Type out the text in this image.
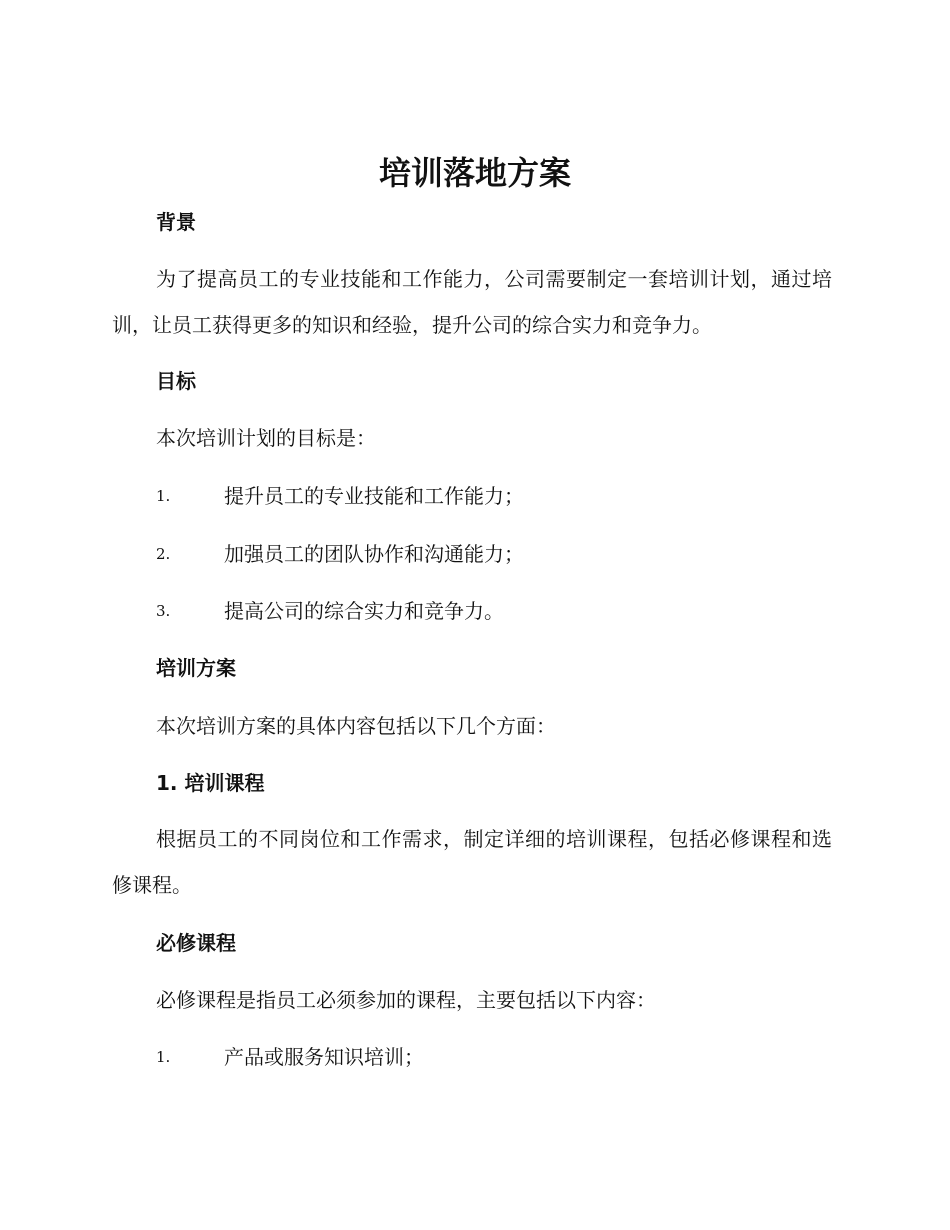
培训落地方案
背景

为了提高员工的专业技能和工作能力，公司需要制定一套培训计划，通过培训，让员工获得更多的知识和经验，提升公司的综合实力和竞争力。

目标
本次培训计划的目标是：
1.	提升员工的专业技能和工作能力；
2.	加强员工的团队协作和沟通能力；
3.	提高公司的综合实力和竞争力。
培训方案
本次培训方案的具体内容包括以下几个方面：
1. 培训课程

根据员工的不同岗位和工作需求，制定详细的培训课程，包括必修课程和选修课程。

必修课程
必修课程是指员工必须参加的课程，主要包括以下内容：
1.	产品或服务知识培训；
